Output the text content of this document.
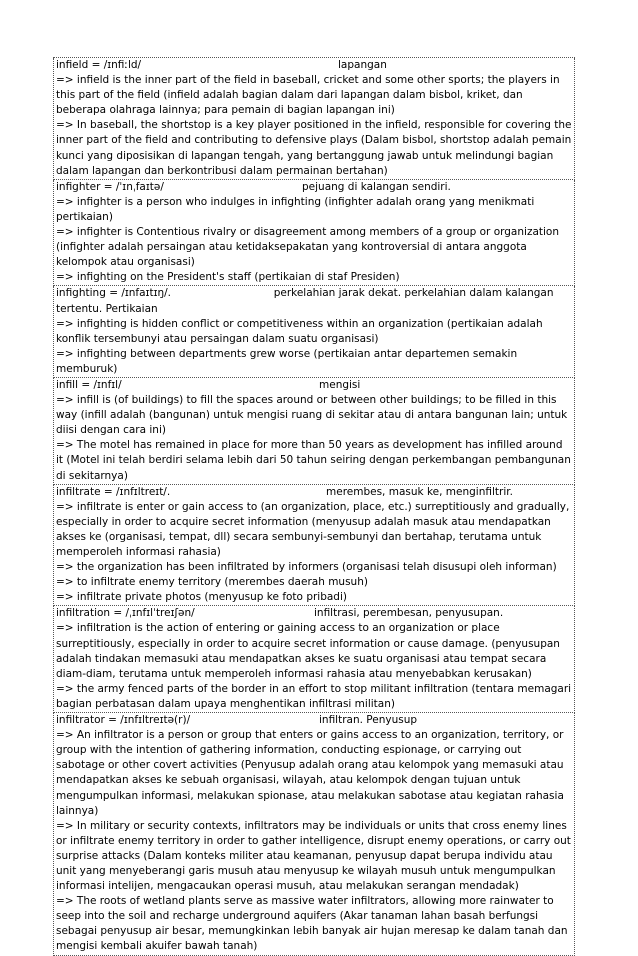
infield = /ɪnfiːld/	lapangan
=> infield is the inner part of the field in baseball, cricket and some other sports; the players in this part of the field (infield adalah bagian dalam dari lapangan dalam bisbol, kriket, dan beberapa olahraga lainnya; para pemain di bagian lapangan ini)
=> In baseball, the shortstop is a key player positioned in the infield, responsible for covering the inner part of the field and contributing to defensive plays (Dalam bisbol, shortstop adalah pemain kunci yang diposisikan di lapangan tengah, yang bertanggung jawab untuk melindungi bagian dalam lapangan dan berkontribusi dalam permainan bertahan)
infighter = /ˈɪnˌfaɪtə/	pejuang di kalangan sendiri.
=> infighter is a person who indulges in infighting (infighter adalah orang yang menikmati pertikaian)
=> infighter is Contentious rivalry or disagreement among members of a group or organization (infighter adalah persaingan atau ketidaksepakatan yang kontroversial di antara anggota kelompok atau organisasi)
=> infighting on the President's staff (pertikaian di staf Presiden)
infighting = /ɪnfaɪtɪŋ/.	perkelahian jarak dekat. perkelahian dalam kalangan tertentu. Pertikaian
=> infighting is hidden conflict or competitiveness within an organization (pertikaian adalah konflik tersembunyi atau persaingan dalam suatu organisasi)
=> infighting between departments grew worse (pertikaian antar departemen semakin memburuk)
infill = /ɪnfɪl/	mengisi
=> infill is (of buildings) to fill the spaces around or between other buildings; to be filled in this way (infill adalah (bangunan) untuk mengisi ruang di sekitar atau di antara bangunan lain; untuk diisi dengan cara ini)
=> The motel has remained in place for more than 50 years as development has infilled around it (Motel ini telah berdiri selama lebih dari 50 tahun seiring dengan perkembangan pembangunan di sekitarnya)
infiltrate = /ɪnfɪltreɪt/.	merembes, masuk ke, menginfiltrir.
=> infiltrate is enter or gain access to (an organization, place, etc.) surreptitiously and gradually, especially in order to acquire secret information (menyusup adalah masuk atau mendapatkan akses ke (organisasi, tempat, dll) secara sembunyi-sembunyi dan bertahap, terutama untuk memperoleh informasi rahasia)
=> the organization has been infiltrated by informers (organisasi telah disusupi oleh informan)
=> to infiltrate enemy territory (merembes daerah musuh)
=> infiltrate private photos (menyusup ke foto pribadi)
infiltration = /ˌɪnfɪlˈtreɪʃən/	infiltrasi, perembesan, penyusupan.
=> infiltration is the action of entering or gaining access to an organization or place surreptitiously, especially in order to acquire secret information or cause damage. (penyusupan adalah tindakan memasuki atau mendapatkan akses ke suatu organisasi atau tempat secara diam-diam, terutama untuk memperoleh informasi rahasia atau menyebabkan kerusakan)
=> the army fenced parts of the border in an effort to stop militant infiltration (tentara memagari bagian perbatasan dalam upaya menghentikan infiltrasi militan)
infiltrator = /ɪnfɪltreɪtə(r)/	infiltran. Penyusup
=> An infiltrator is a person or group that enters or gains access to an organization, territory, or group with the intention of gathering information, conducting espionage, or carrying out sabotage or other covert activities (Penyusup adalah orang atau kelompok yang memasuki atau mendapatkan akses ke sebuah organisasi, wilayah, atau kelompok dengan tujuan untuk mengumpulkan informasi, melakukan spionase, atau melakukan sabotase atau kegiatan rahasia lainnya)
=> In military or security contexts, infiltrators may be individuals or units that cross enemy lines or infiltrate enemy territory in order to gather intelligence, disrupt enemy operations, or carry out surprise attacks (Dalam konteks militer atau keamanan, penyusup dapat berupa individu atau unit yang menyeberangi garis musuh atau menyusup ke wilayah musuh untuk mengumpulkan informasi intelijen, mengacaukan operasi musuh, atau melakukan serangan mendadak)
=> The roots of wetland plants serve as massive water infiltrators, allowing more rainwater to seep into the soil and recharge underground aquifers (Akar tanaman lahan basah berfungsi sebagai penyusup air besar, memungkinkan lebih banyak air hujan meresap ke dalam tanah dan mengisi kembali akuifer bawah tanah)
